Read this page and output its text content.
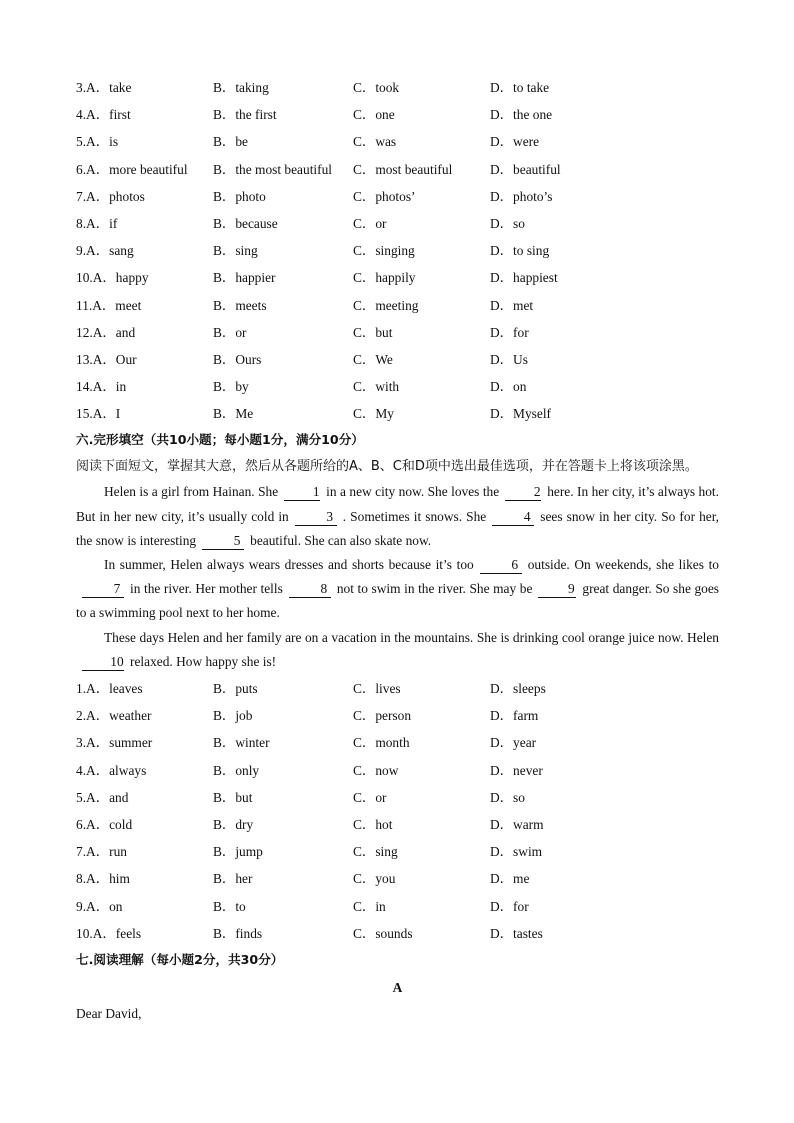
3.A．take	B．taking	C．took	D．to take
4.A．first	B．the first	C．one	D．the one
5.A．is	B．be	C．was	D．were
6.A．more beautiful B．the most beautiful C．most beautiful	D．beautiful
7.A．photos	B．photo	C．photos’	D．photo’s
8.A．if	B．because	C．or	D．so
9.A．sang	B．sing	C．singing	D．to sing
10.A．happy	B．happier	C．happily	D．happiest
11.A．meet	B．meets	C．meeting	D．met
12.A．and	B．or	C．but	D．for
13.A．Our	B．Ours	C．We	D．Us
14.A．in	B．by	C．with	D．on
15.A．I	B．Me	C．My	D．Myself
六.完形填空（共10小题；每小题1分，满分10分）
阅读下面短文，掌握其大意，然后从各题所给的A、B、C和D项中选出最佳选项，并在答题卡上将该项涂黑。
Helen is a girl from Hainan. She	1 in a new city now. She loves the	2 here. In her city, it’s always hot. But in her new city, it’s usually cold in	3 . Sometimes it snows. She	4 sees snow in her city. So for her, the snow is interesting	5 beautiful. She can also skate now.
In summer, Helen always wears dresses and shorts because it’s too	6 outside. On weekends, she likes to7 in the river. Her mother tells	8 not to swim in the river. She may be	9 great danger. So she goes to a swimming pool next to her home.
These days Helen and her family are on a vacation in the mountains. She is drinking cool orange juice now. Helen10 relaxed. How happy she is!
1.A．leaves	B．puts	C．lives	D．sleeps
2.A．weather	B．job	C．person	D．farm
3.A．summer	B．winter	C．month	D．year
4.A．always	B．only	C．now	D．never
5.A．and	B．but	C．or	D．so
6.A．cold	B．dry	C．hot	D．warm
7.A．run	B．jump	C．sing	D．swim
8.A．him	B．her	C．you	D．me
9.A．on	B．to	C．in	D．for
10.A．feels	B．finds	C．sounds	D．tastes
七.阅读理解（每小题2分，共30分）
A
Dear David,
